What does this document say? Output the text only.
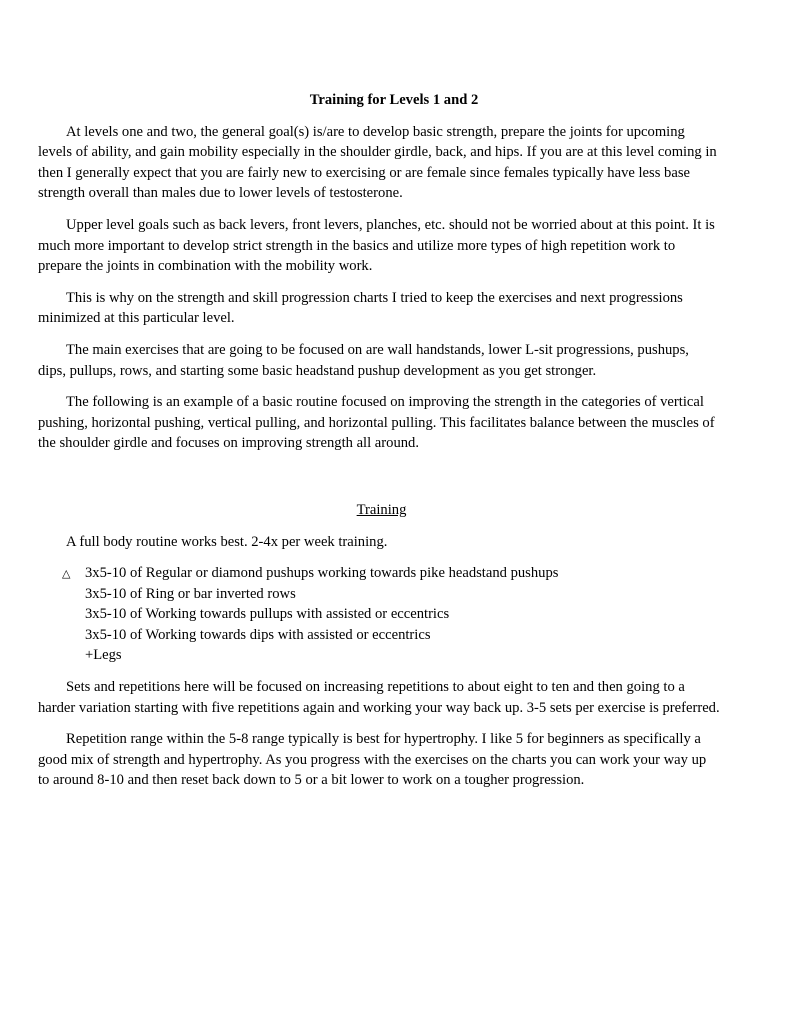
Training for Levels 1 and 2

At levels one and two, the general goal(s) is/are to develop basic strength, prepare the joints for upcoming levels of ability, and gain mobility especially in the shoulder girdle, back, and hips. If you are at this level coming in then I generally expect that you are fairly new to exercising or are female since females typically have less base strength overall than males due to lower levels of testosterone.

Upper level goals such as back levers, front levers, planches, etc. should not be worried about at this point. It is much more important to develop strict strength in the basics and utilize more types of high repetition work to prepare the joints in combination with the mobility work.

This is why on the strength and skill progression charts I tried to keep the exercises and next progressions minimized at this particular level.

The main exercises that are going to be focused on are wall handstands, lower L-sit progressions, pushups, dips, pullups, rows, and starting some basic headstand pushup development as you get stronger.

The following is an example of a basic routine focused on improving the strength in the categories of vertical pushing, horizontal pushing, vertical pulling, and horizontal pulling. This facilitates balance between the muscles of the shoulder girdle and focuses on improving strength all around.

Training
A full body routine works best. 2-4x per week training.
△ 3x5-10 of Regular or diamond pushups working towards pike headstand pushups
3x5-10 of Ring or bar inverted rows
3x5-10 of Working towards pullups with assisted or eccentrics
3x5-10 of Working towards dips with assisted or eccentrics
+Legs

Sets and repetitions here will be focused on increasing repetitions to about eight to ten and then going to a harder variation starting with five repetitions again and working your way back up. 3-5 sets per exercise is preferred.

Repetition range within the 5-8 range typically is best for hypertrophy. I like 5 for beginners as specifically a good mix of strength and hypertrophy. As you progress with the exercises on the charts you can work your way up to around 8-10 and then reset back down to 5 or a bit lower to work on a tougher progression.
